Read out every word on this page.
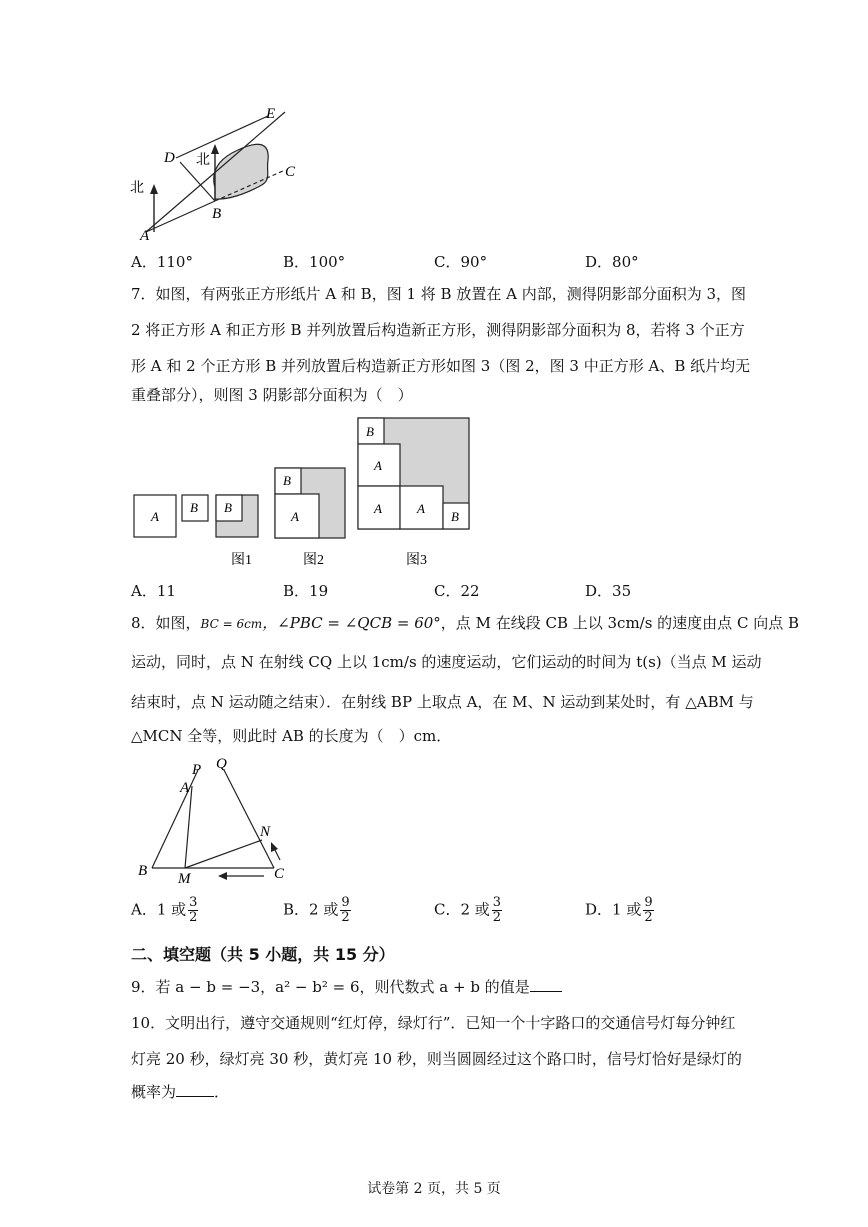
E
D
C
B
A
北
北
A．110°	B．100°	C．90°	D．80°
7．如图，有两张正方形纸片 A 和 B，图 1 将 B 放置在 A 内部，测得阴影部分面积为 3，图
2 将正方形 A 和正方形 B 并列放置后构造新正方形，测得阴影部分面积为 8，若将 3 个正方
形 A 和 2 个正方形 B 并列放置后构造新正方形如图 3（图 2，图 3 中正方形 A、B 纸片均无
重叠部分），则图 3 阴影部分面积为（　）
A
B B
B
A
B
A
A	A
B
图1	图2	图3
A．11	B．19	C．22	D．35
8．如图，BC = 6cm，∠PBC = ∠QCB = 60°，点 M 在线段 CB 上以 3cm/s 的速度由点 C 向点 B
运动，同时，点 N 在射线 CQ 上以 1cm/s 的速度运动，它们运动的时间为 t(s)（当点 M 运动
结束时，点 N 运动随之结束）．在射线 BP 上取点 A，在 M、N 运动到某处时，有 △ABM 与
△MCN 全等，则此时 AB 的长度为（　）cm．
P Q
A
N
B M	C
A．1 或 $\frac{3}{2}$	B．2 或 $\frac{9}{2}$	C．2 或 $\frac{3}{2}$	D．1 或 $\frac{9}{2}$
二、填空题（共 5 小题，共 15 分）
9．若 a − b = −3，a² − b² = 6，则代数式 a + b 的值是
10．文明出行，遵守交通规则“红灯停，绿灯行”．已知一个十字路口的交通信号灯每分钟红
灯亮 20 秒，绿灯亮 30 秒，黄灯亮 10 秒，则当圆圆经过这个路口时，信号灯恰好是绿灯的
概率为	．
试卷第 2 页，共 5 页
